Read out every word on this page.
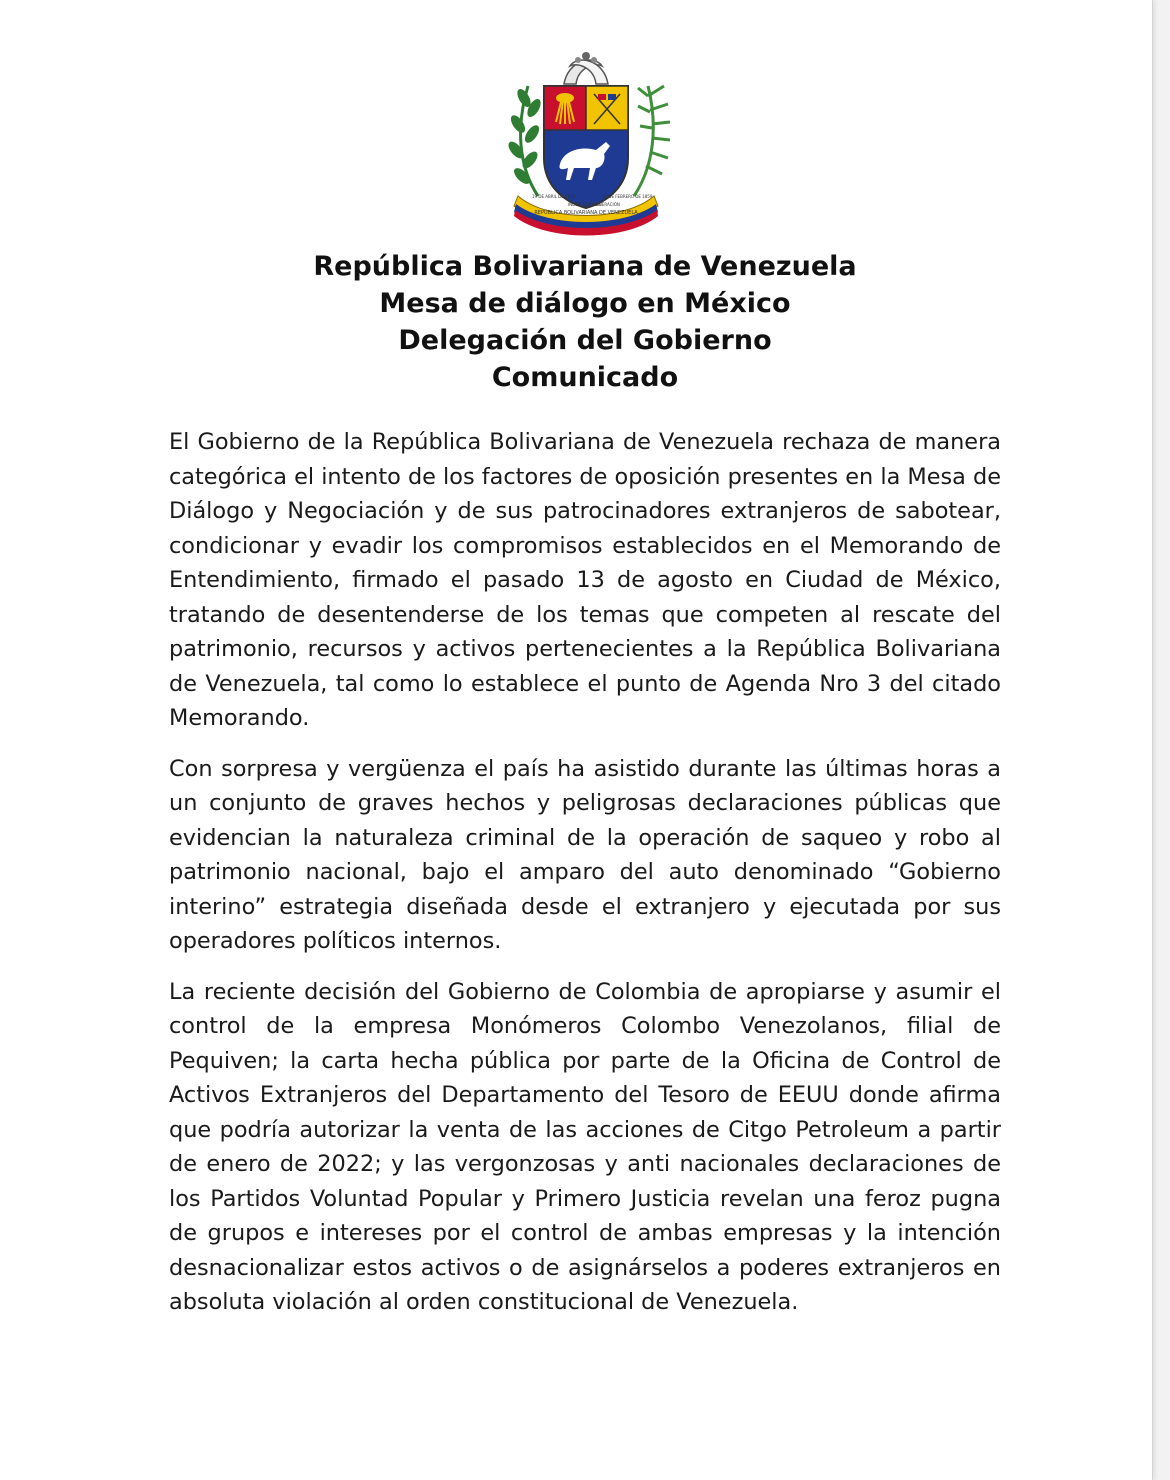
REPÚBLICA BOLIVARIANA DE VENEZUELA
19 DE ABRIL DE 1810	20 DE FEBRERO DE 1859
INDEPENDENCIA
FEDERACIÓN
República Bolivariana de Venezuela
Mesa de diálogo en México
Delegación del Gobierno
Comunicado

El Gobierno de la República Bolivariana de Venezuela rechaza de manera categórica el intento de los factores de oposición presentes en la Mesa de Diálogo y Negociación y de sus patrocinadores extranjeros de sabotear, condicionar y evadir los compromisos establecidos en el Memorando de Entendimiento, firmado el pasado 13 de agosto en Ciudad de México, tratando de desentenderse de los temas que competen al rescate del patrimonio, recursos y activos pertenecientes a la República Bolivariana de Venezuela, tal como lo establece el punto de Agenda Nro 3 del citado Memorando.

Con sorpresa y vergüenza el país ha asistido durante las últimas horas a un conjunto de graves hechos y peligrosas declaraciones públicas que evidencian la naturaleza criminal de la operación de saqueo y robo al patrimonio nacional, bajo el amparo del auto denominado “Gobierno interino” estrategia diseñada desde el extranjero y ejecutada por sus operadores políticos internos.

La reciente decisión del Gobierno de Colombia de apropiarse y asumir el control de la empresa Monómeros Colombo Venezolanos, filial de Pequiven; la carta hecha pública por parte de la Oficina de Control de Activos Extranjeros del Departamento del Tesoro de EEUU donde afirma que podría autorizar la venta de las acciones de Citgo Petroleum a partir de enero de 2022; y las vergonzosas y anti nacionales declaraciones de los Partidos Voluntad Popular y Primero Justicia revelan una feroz pugna de grupos e intereses por el control de ambas empresas y la intención desnacionalizar estos activos o de asignárselos a poderes extranjeros en absoluta violación al orden constitucional de Venezuela.
